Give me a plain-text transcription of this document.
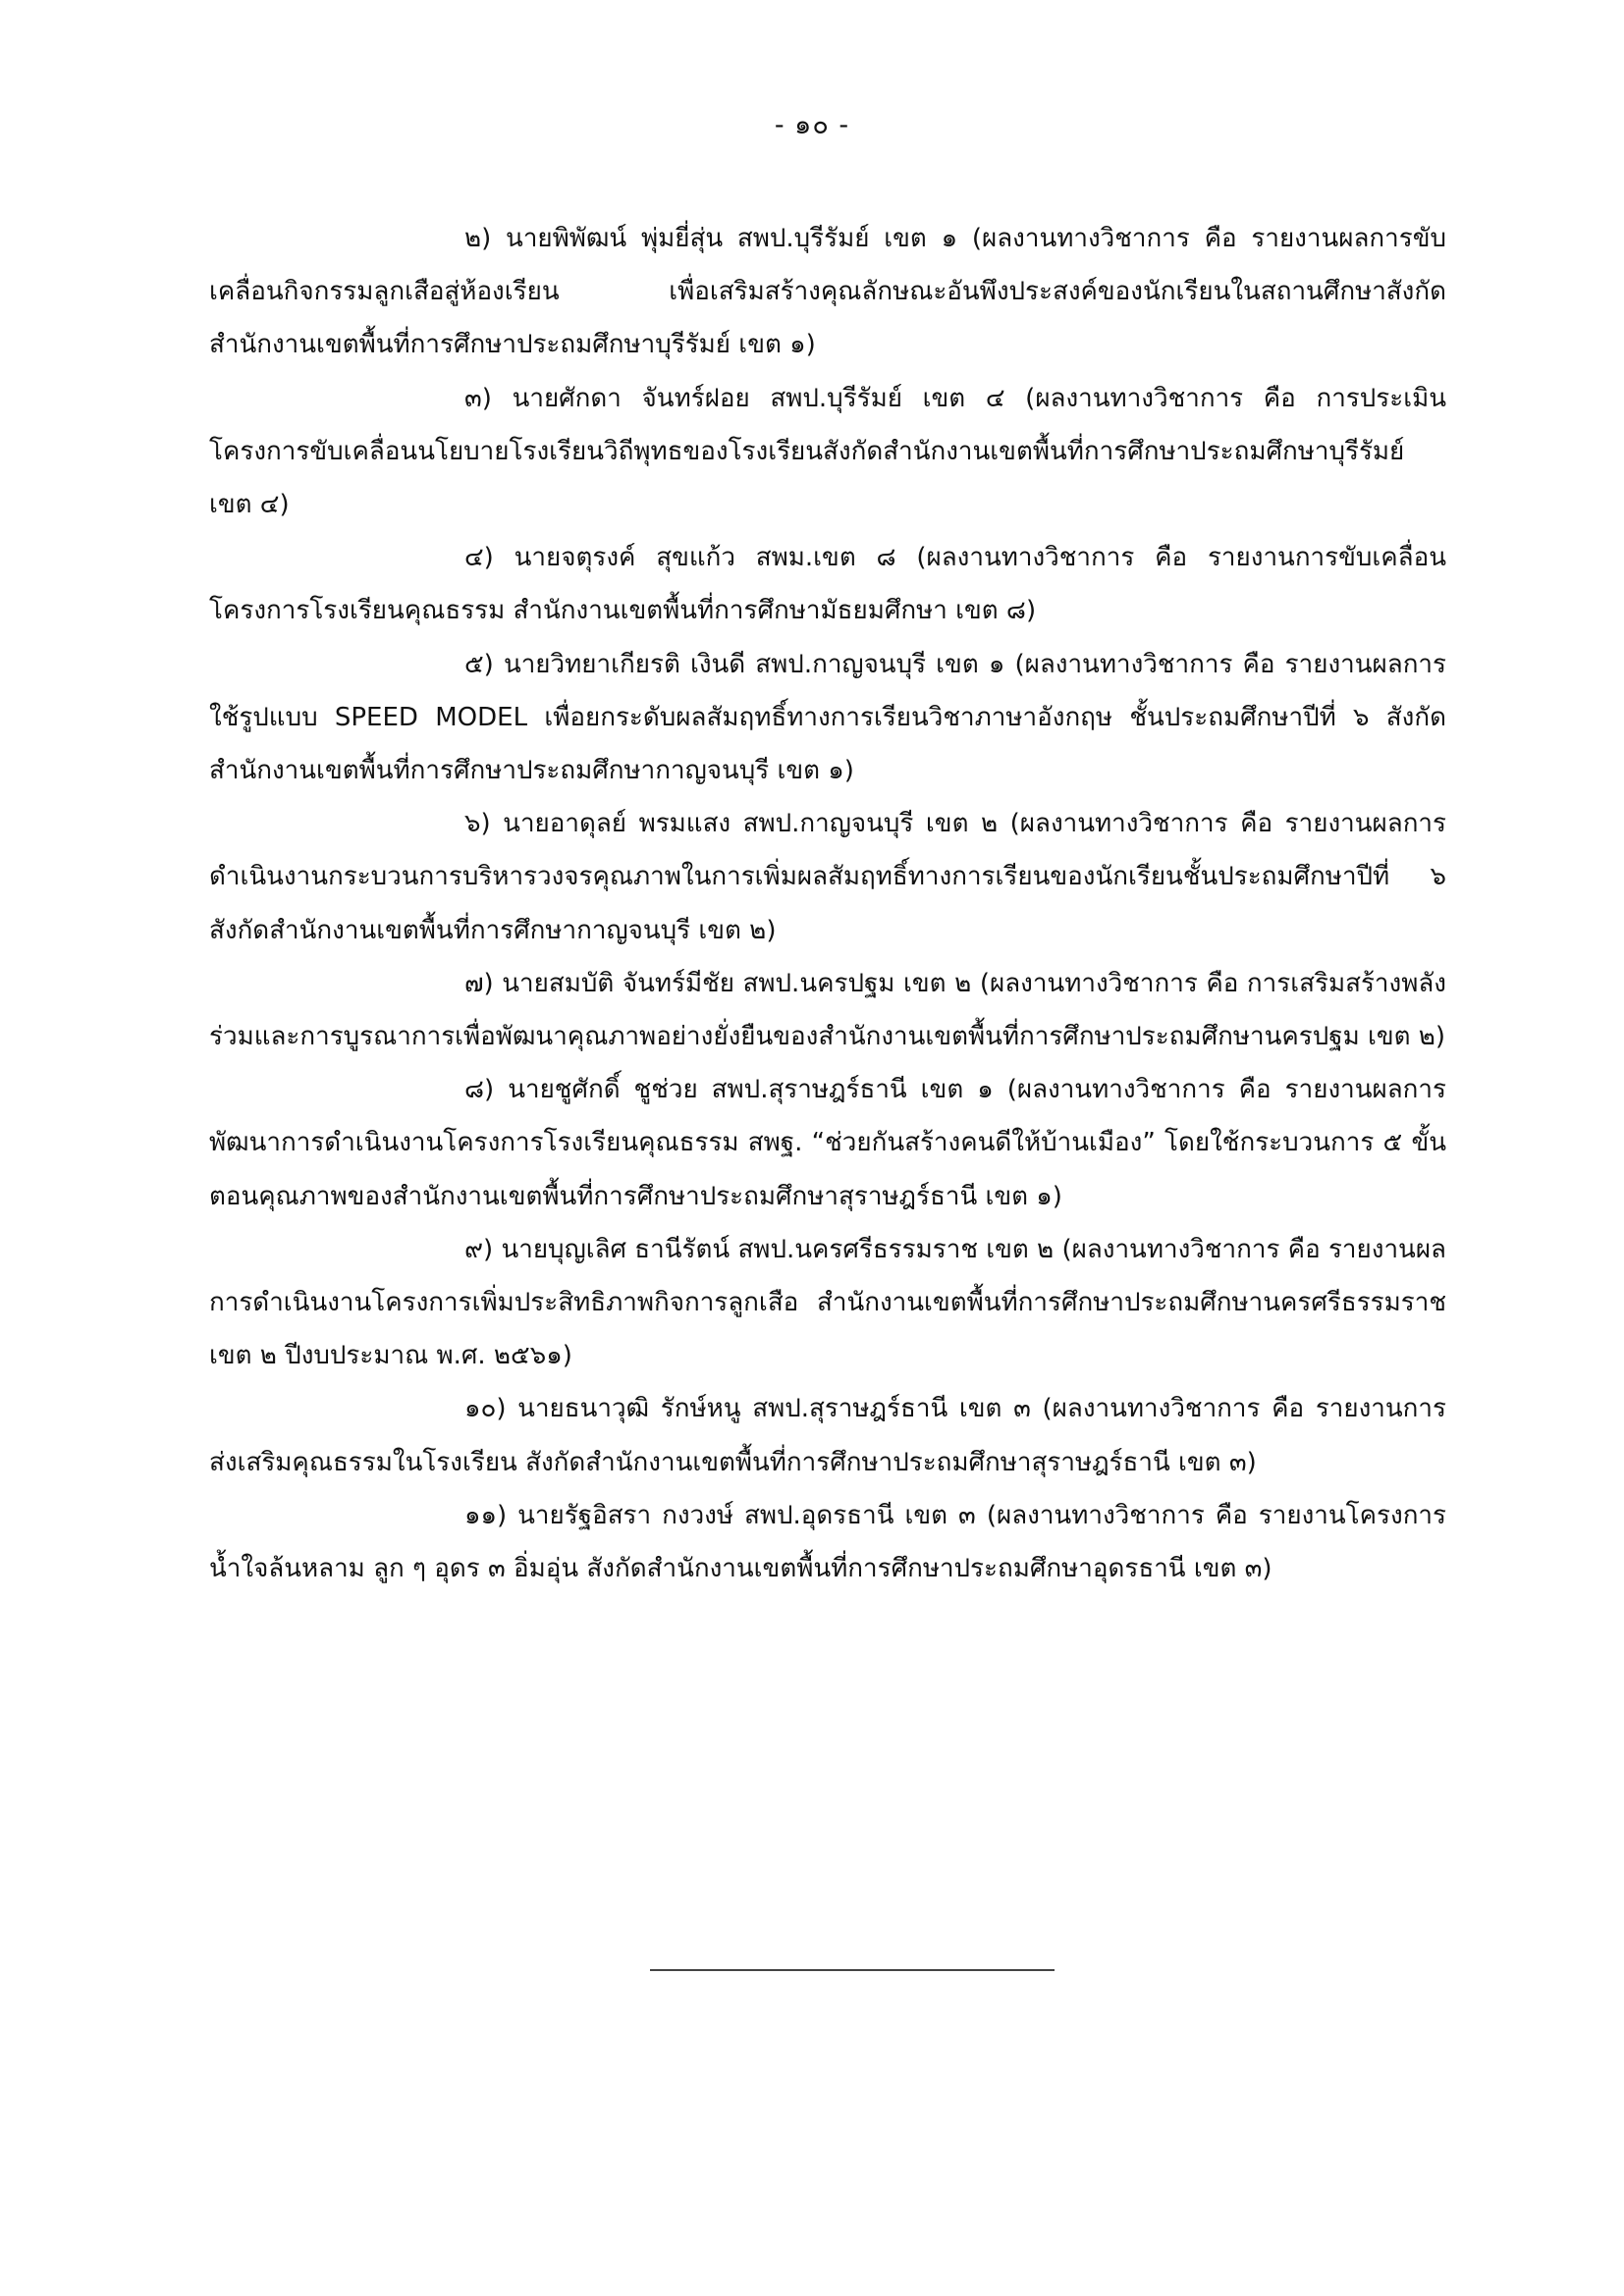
- ๑๐ -

๒) นายพิพัฒน์ พุ่มยี่สุ่น สพป.บุรีรัมย์ เขต ๑ (ผลงานทางวิชาการ คือ รายงานผลการขับเคลื่อนกิจกรรมลูกเสือสู่ห้องเรียน เพื่อเสริมสร้างคุณลักษณะอันพึงประสงค์ของนักเรียนในสถานศึกษาสังกัดสำนักงานเขตพื้นที่การศึกษาประถมศึกษาบุรีรัมย์ เขต ๑)

๓) นายศักดา จันทร์ฝอย สพป.บุรีรัมย์ เขต ๔ (ผลงานทางวิชาการ คือ การประเมินโครงการขับเคลื่อนนโยบายโรงเรียนวิถีพุทธของโรงเรียนสังกัดสำนักงานเขตพื้นที่การศึกษาประถมศึกษาบุรีรัมย์ เขต ๔)

๔) นายจตุรงค์ สุขแก้ว สพม.เขต ๘ (ผลงานทางวิชาการ คือ รายงานการขับเคลื่อนโครงการโรงเรียนคุณธรรม สำนักงานเขตพื้นที่การศึกษามัธยมศึกษา เขต ๘)

๕) นายวิทยาเกียรติ เงินดี สพป.กาญจนบุรี เขต ๑ (ผลงานทางวิชาการ คือ รายงานผลการใช้รูปแบบ SPEED MODEL เพื่อยกระดับผลสัมฤทธิ์ทางการเรียนวิชาภาษาอังกฤษ ชั้นประถมศึกษาปีที่ ๖ สังกัดสำนักงานเขตพื้นที่การศึกษาประถมศึกษากาญจนบุรี เขต ๑)

๖) นายอาดุลย์ พรมแสง สพป.กาญจนบุรี เขต ๒ (ผลงานทางวิชาการ คือ รายงานผลการดำเนินงานกระบวนการบริหารวงจรคุณภาพในการเพิ่มผลสัมฤทธิ์ทางการเรียนของนักเรียนชั้นประถมศึกษาปีที่ ๖ สังกัดสำนักงานเขตพื้นที่การศึกษากาญจนบุรี เขต ๒)

๗) นายสมบัติ จันทร์มีชัย สพป.นครปฐม เขต ๒ (ผลงานทางวิชาการ คือ การเสริมสร้างพลังร่วมและการบูรณาการเพื่อพัฒนาคุณภาพอย่างยั่งยืนของสำนักงานเขตพื้นที่การศึกษาประถมศึกษานครปฐม เขต ๒)

๘) นายชูศักดิ์ ชูช่วย สพป.สุราษฎร์ธานี เขต ๑ (ผลงานทางวิชาการ คือ รายงานผลการพัฒนาการดำเนินงานโครงการโรงเรียนคุณธรรม สพฐ. “ช่วยกันสร้างคนดีให้บ้านเมือง” โดยใช้กระบวนการ ๕ ขั้นตอนคุณภาพของสำนักงานเขตพื้นที่การศึกษาประถมศึกษาสุราษฎร์ธานี เขต ๑)

๙) นายบุญเลิศ ธานีรัตน์ สพป.นครศรีธรรมราช เขต ๒ (ผลงานทางวิชาการ คือ รายงานผลการดำเนินงานโครงการเพิ่มประสิทธิภาพกิจการลูกเสือ สำนักงานเขตพื้นที่การศึกษาประถมศึกษานครศรีธรรมราช เขต ๒ ปีงบประมาณ พ.ศ. ๒๕๖๑)

๑๐) นายธนาวุฒิ รักษ์หนู สพป.สุราษฎร์ธานี เขต ๓ (ผลงานทางวิชาการ คือ รายงานการส่งเสริมคุณธรรมในโรงเรียน สังกัดสำนักงานเขตพื้นที่การศึกษาประถมศึกษาสุราษฎร์ธานี เขต ๓)

๑๑) นายรัฐอิสรา กงวงษ์ สพป.อุดรธานี เขต ๓ (ผลงานทางวิชาการ คือ รายงานโครงการน้ำใจล้นหลาม ลูก ๆ อุดร ๓ อิ่มอุ่น สังกัดสำนักงานเขตพื้นที่การศึกษาประถมศึกษาอุดรธานี เขต ๓)
